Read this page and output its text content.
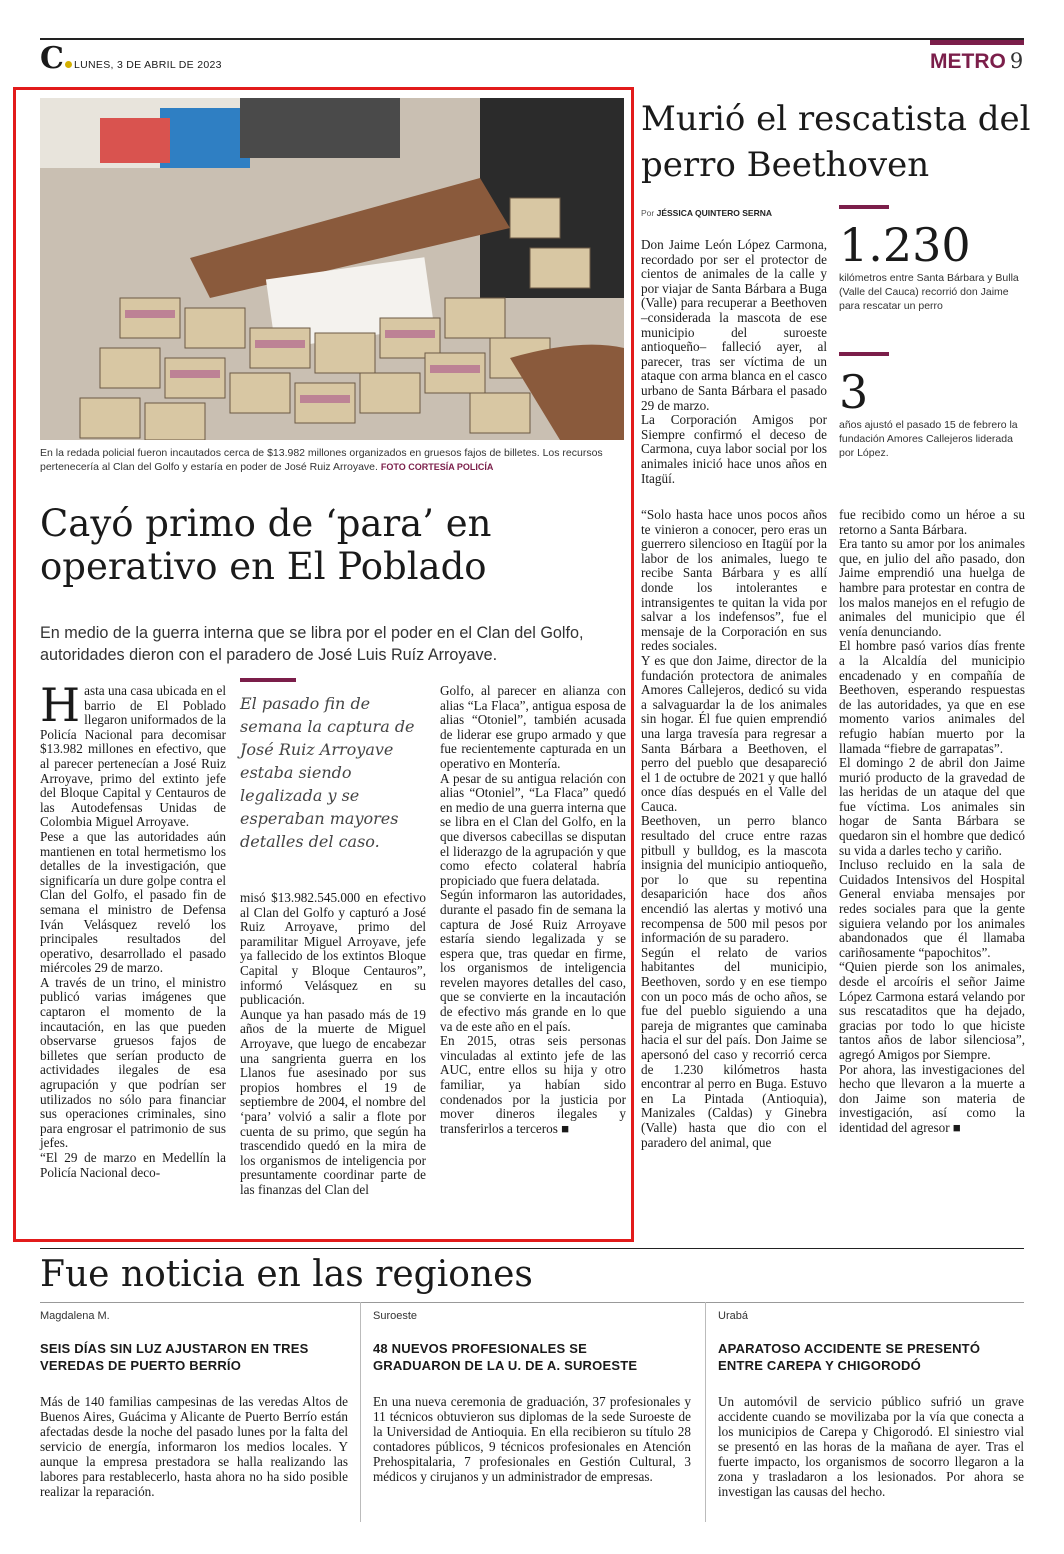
C LUNES, 3 DE ABRIL DE 2023	METRO 9
En la redada policial fueron incautados cerca de $13.982 millones organizados en gruesos fajos de billetes. Los recursos pertenecería al Clan del Golfo y estaría en poder de José Ruiz Arroyave. FOTO CORTESÍA POLICÍA
Cayó primo de ‘para’ en operativo en El Poblado
En medio de la guerra interna que se libra por el poder en el Clan del Golfo, autoridades dieron con el paradero de José Luis Ruíz Arroyave.
Hasta una casa ubicada en el barrio de El Poblado llegaron uniformados de la Policía Nacional para decomisar $13.982 millones en efectivo, que al parecer pertenecían a José Ruiz Arroyave, primo del extinto jefe del Bloque Capital y Centauros de las Autodefensas Unidas de Colombia Miguel Arroyave.
Pese a que las autoridades aún mantienen en total hermetismo los detalles de la investigación, que significaría un dure golpe contra el Clan del Golfo, el pasado fin de semana el ministro de Defensa Iván Velásquez reveló los principales resultados del operativo, desarrollado el pasado miércoles 29 de marzo.
A través de un trino, el ministro publicó varias imágenes que captaron el momento de la incautación, en las que pueden observarse gruesos fajos de billetes que serían producto de actividades ilegales de esa agrupación y que podrían ser utilizados no sólo para financiar sus operaciones criminales, sino para engrosar el patrimonio de sus jefes.
“El 29 de marzo en Medellín la Policía Nacional deco-
El pasado fin de semana la captura de José Ruiz Arroyave estaba siendo legalizada y se esperaban mayores detalles del caso.
misó $13.982.545.000 en efectivo al Clan del Golfo y capturó a José Ruiz Arroyave, primo del paramilitar Miguel Arroyave, jefe ya fallecido de los extintos Bloque Capital y Bloque Centauros”, informó Velásquez en su publicación.
Aunque ya han pasado más de 19 años de la muerte de Miguel Arroyave, que luego de encabezar una sangrienta guerra en los Llanos fue asesinado por sus propios hombres el 19 de septiembre de 2004, el nombre del ‘para’ volvió a salir a flote por cuenta de su primo, que según ha trascendido quedó en la mira de los organismos de inteligencia por presuntamente coordinar parte de las finanzas del Clan del
Golfo, al parecer en alianza con alias “La Flaca”, antigua esposa de alias “Otoniel”, también acusada de liderar ese grupo armado y que fue recientemente capturada en un operativo en Montería.
A pesar de su antigua relación con alias “Otoniel”, “La Flaca” quedó en medio de una guerra interna que se libra en el Clan del Golfo, en la que diversos cabecillas se disputan el liderazgo de la agrupación y que como efecto colateral habría propiciado que fuera delatada.
Según informaron las autoridades, durante el pasado fin de semana la captura de José Ruiz Arroyave estaría siendo legalizada y se espera que, tras quedar en firme, los organismos de inteligencia revelen mayores detalles del caso, que se convierte en la incautación de efectivo más grande en lo que va de este año en el país.
En 2015, otras seis personas vinculadas al extinto jefe de las AUC, entre ellos su hija y otro familiar, ya habían sido condenados por la justicia por mover dineros ilegales y transferirlos a terceros ■
Murió el rescatista del perro Beethoven
Por JÉSSICA QUINTERO SERNA
Don Jaime León López Carmona, recordado por ser el protector de cientos de animales de la calle y por viajar de Santa Bárbara a Buga (Valle) para recuperar a Beethoven –considerada la mascota de ese municipio del suroeste antioqueño– falleció ayer, al parecer, tras ser víctima de un ataque con arma blanca en el casco urbano de Santa Bárbara el pasado 29 de marzo.
La Corporación Amigos por Siempre confirmó el deceso de Carmona, cuya labor social por los animales inició hace unos años en Itagüí.
“Solo hasta hace unos pocos años te vinieron a conocer, pero eras un guerrero silencioso en Itagüí por la labor de los animales, luego te recibe Santa Bárbara y es allí donde los intolerantes e intransigentes te quitan la vida por salvar a los indefensos”, fue el mensaje de la Corporación en sus redes sociales.
Y es que don Jaime, director de la fundación protectora de animales Amores Callejeros, dedicó su vida a salvaguardar la de los animales sin hogar. Él fue quien emprendió una larga travesía para regresar a Santa Bárbara a Beethoven, el perro del pueblo que desapareció el 1 de octubre de 2021 y que halló once días después en el Valle del Cauca.
Beethoven, un perro blanco resultado del cruce entre razas pitbull y bulldog, es la mascota insignia del municipio antioqueño, por lo que su repentina desaparición hace dos años encendió las alertas y motivó una recompensa de 500 mil pesos por información de su paradero.
Según el relato de varios habitantes del municipio, Beethoven, sordo y en ese tiempo con un poco más de ocho años, se fue del pueblo siguiendo a una pareja de migrantes que caminaba hacia el sur del país. Don Jaime se apersonó del caso y recorrió cerca de 1.230 kilómetros hasta encontrar al perro en Buga. Estuvo en La Pintada (Antioquia), Manizales (Caldas) y Ginebra (Valle) hasta que dio con el paradero del animal, que
1.230
kilómetros entre Santa Bárbara y Bulla (Valle del Cauca) recorrió don Jaime para rescatar un perro
3
años ajustó el pasado 15 de febrero la fundación Amores Callejeros liderada por López.
fue recibido como un héroe a su retorno a Santa Bárbara.
Era tanto su amor por los animales que, en julio del año pasado, don Jaime emprendió una huelga de hambre para protestar en contra de los malos manejos en el refugio de animales del municipio que él venía denunciando.
El hombre pasó varios días frente a la Alcaldía del municipio encadenado y en compañía de Beethoven, esperando respuestas de las autoridades, ya que en ese momento varios animales del refugio habían muerto por la llamada “fiebre de garrapatas”.
El domingo 2 de abril don Jaime murió producto de la gravedad de las heridas de un ataque del que fue víctima. Los animales sin hogar de Santa Bárbara se quedaron sin el hombre que dedicó su vida a darles techo y cariño.
Incluso recluido en la sala de Cuidados Intensivos del Hospital General enviaba mensajes por redes sociales para que la gente siguiera velando por los animales abandonados que él llamaba cariñosamente “papochitos”.
“Quien pierde son los animales, desde el arcoíris el señor Jaime López Carmona estará velando por sus rescataditos que ha dejado, gracias por todo lo que hiciste tantos años de labor silenciosa”, agregó Amigos por Siempre.
Por ahora, las investigaciones del hecho que llevaron a la muerte a don Jaime son materia de investigación, así como la identidad del agresor ■
Fue noticia en las regiones
Magdalena M.
SEIS DÍAS SIN LUZ AJUSTARON EN TRES VEREDAS DE PUERTO BERRÍO
Más de 140 familias campesinas de las veredas Altos de Buenos Aires, Guácima y Alicante de Puerto Berrío están afectadas desde la noche del pasado lunes por la falta del servicio de energía, informaron los medios locales. Y aunque la empresa prestadora se halla realizando las labores para restablecerlo, hasta ahora no ha sido posible realizar la reparación.
Suroeste
48 NUEVOS PROFESIONALES SE GRADUARON DE LA U. DE A. SUROESTE
En una nueva ceremonia de graduación, 37 profesionales y 11 técnicos obtuvieron sus diplomas de la sede Suroeste de la Universidad de Antioquia. En ella recibieron su título 28 contadores públicos, 9 técnicos profesionales en Atención Prehospitalaria, 7 profesionales en Gestión Cultural, 3 médicos y cirujanos y un administrador de empresas.
Urabá
APARATOSO ACCIDENTE SE PRESENTÓ ENTRE CAREPA Y CHIGORODÓ
Un automóvil de servicio público sufrió un grave accidente cuando se movilizaba por la vía que conecta a los municipios de Carepa y Chigorodó. El siniestro vial se presentó en las horas de la mañana de ayer. Tras el fuerte impacto, los organismos de socorro llegaron a la zona y trasladaron a los lesionados. Por ahora se investigan las causas del hecho.
